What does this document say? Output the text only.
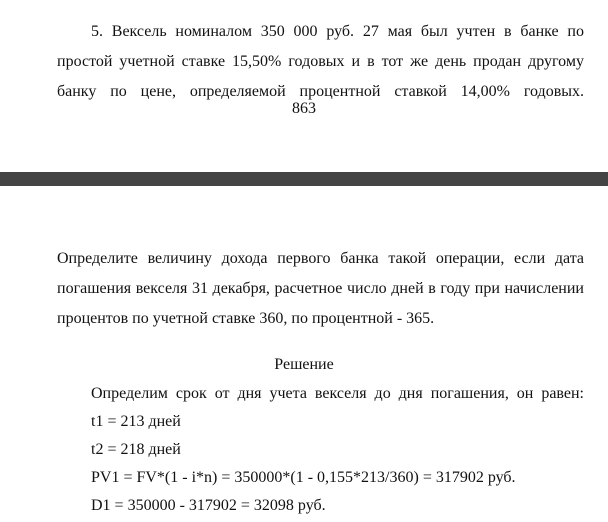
5. Вексель номиналом 350 000 руб. 27 мая был учтен в банке по
простой учетной ставке 15,50% годовых и в тот же день продан другому
банку по цене, определяемой процентной ставкой 14,00% годовых.
863
Определите величину дохода первого банка такой операции, если дата
погашения векселя 31 декабря, расчетное число дней в году при начислении
процентов по учетной ставке 360, по процентной - 365.
Решение
Определим срок от дня учета векселя до дня погашения, он равен:
t1 = 213 дней
t2 = 218 дней
PV1 = FV*(1 - i*n) = 350000*(1 - 0,155*213/360) = 317902 руб.
D1 = 350000 - 317902 = 32098 руб.
